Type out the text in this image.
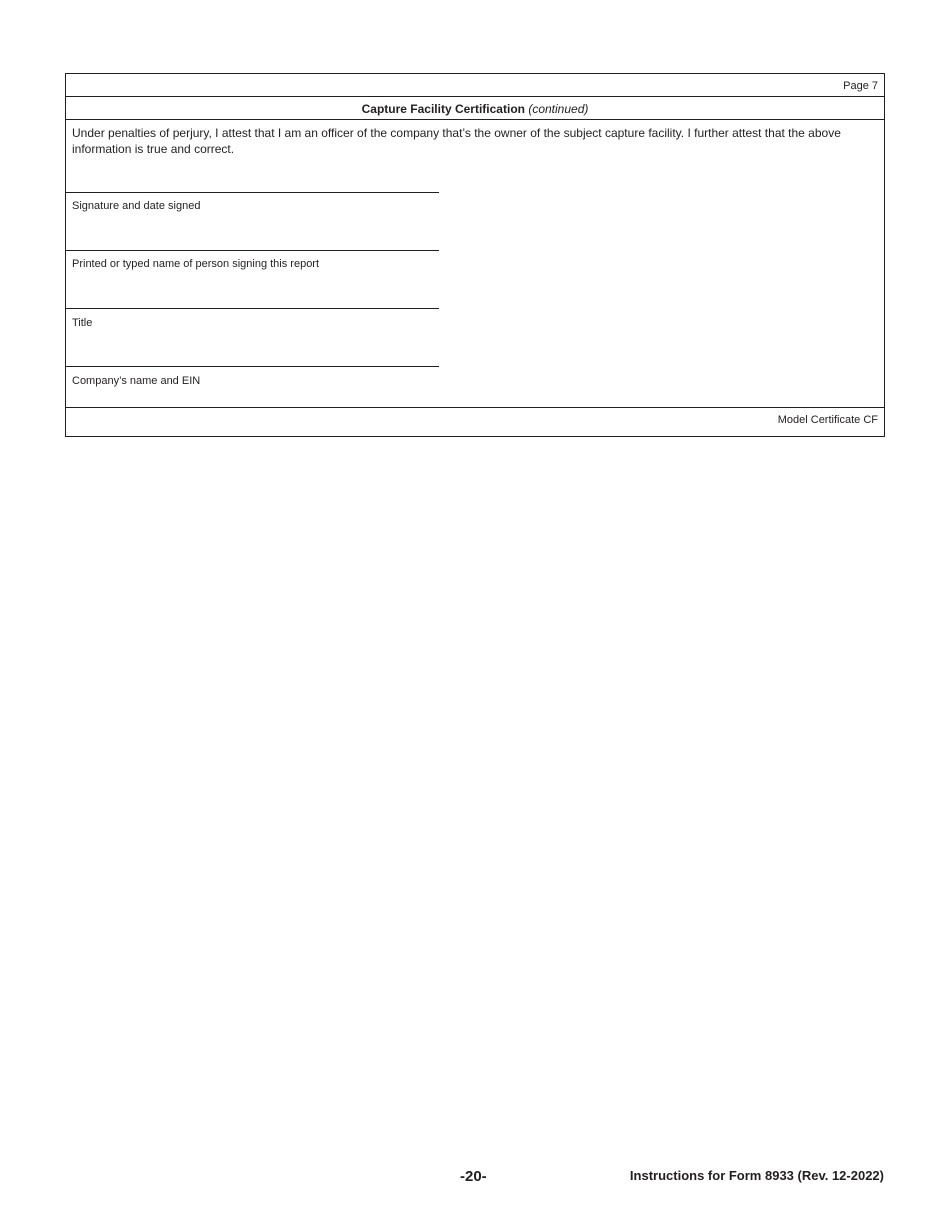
Page 7
Capture Facility Certification (continued)
Under penalties of perjury, I attest that I am an officer of the company that’s the owner of the subject capture facility. I further attest that the above information is true and correct.
Signature and date signed
Printed or typed name of person signing this report
Title
Company’s name and EIN
Model Certificate CF
-20-	Instructions for Form 8933 (Rev. 12-2022)
